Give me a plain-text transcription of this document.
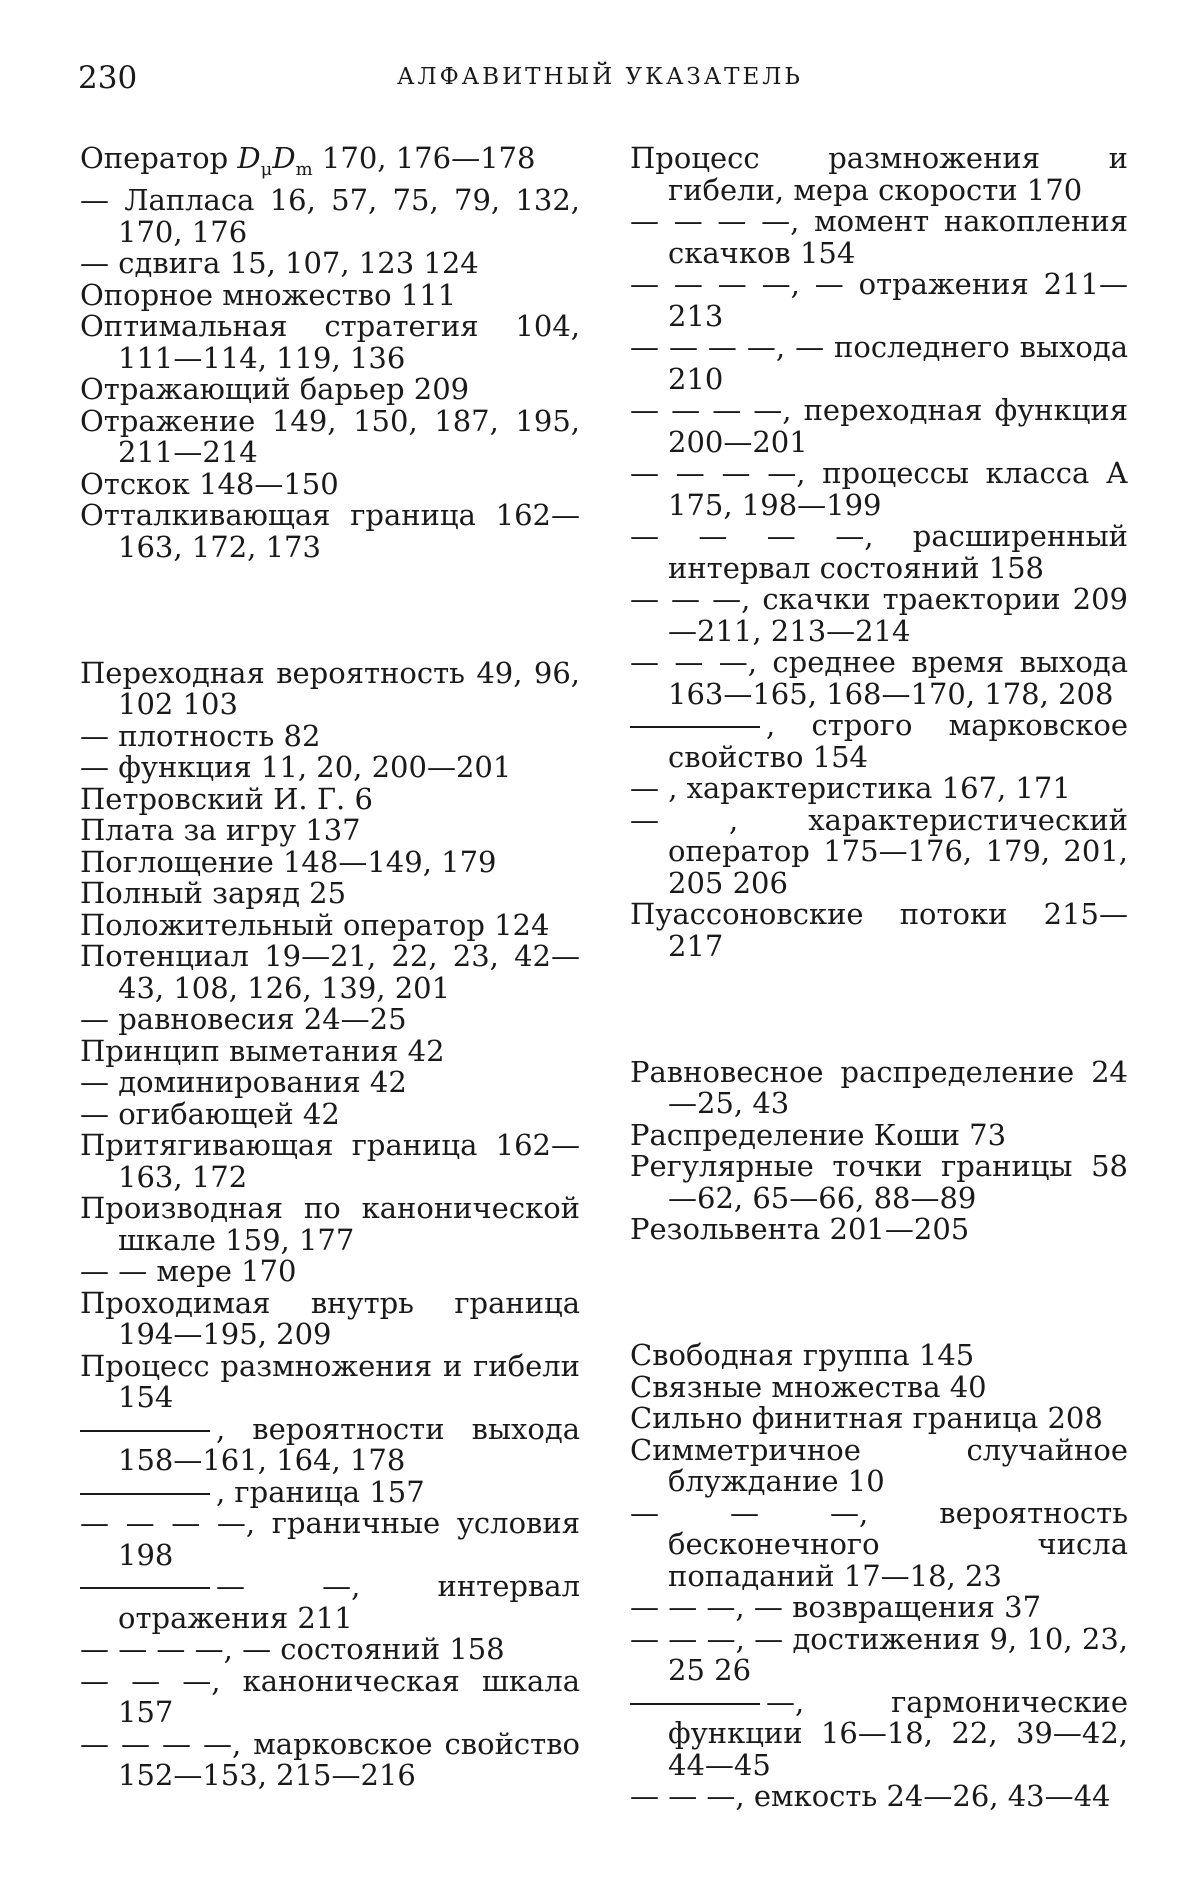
230	АЛФАВИТНЫЙ УКАЗАТЕЛЬ

Оператор $D_\mu D_m$ 170, 176—178

— Лапласа 16, 57, 75, 79, 132, 170, 176

— сдвига 15, 107, 123 124

Опорное множество 111

Оптимальная стратегия 104, 111—114, 119, 136

Отражающий барьер 209

Отражение 149, 150, 187, 195, 211—214

Отскок 148—150

Отталкивающая граница 162—163, 172, 173

Переходная вероятность 49, 96, 102 103

— плотность 82

— функция 11, 20, 200—201

Петровский И. Г. 6

Плата за игру 137

Поглощение 148—149, 179

Полный заряд 25

Положительный оператор 124

Потенциал 19—21, 22, 23, 42—43, 108, 126, 139, 201

— равновесия 24—25

Принцип выметания 42

— доминирования 42

— огибающей 42

Притягивающая граница 162—163, 172

Производная по канонической шкале 159, 177

— — мере 170

Проходимая внутрь граница 194—195, 209

Процесс размножения и гибели 154

, вероятности выхода 158—161, 164, 178

, граница 157

— — — —, граничные условия 198

— —, интервал отражения 211

— — — —, — состояний 158

— — —, каноническая шкала 157

— — — —, марковское свойство 152—153, 215—216

Процесс размножения и гибели, мера скорости 170

— — — —, момент накопления скачков 154

— — — —, — отражения 211—213

— — — —, — последнего выхода 210

— — — —, переходная функция 200—201

— — — —, процессы класса А 175, 198—199

— — — —, расширенный интервал состояний 158

— — —, скачки траектории 209—211, 213—214

— — —, среднее время выхода 163—165, 168—170, 178, 208

, строго марковское свойство 154

— , характеристика 167, 171

— , характеристический оператор 175—176, 179, 201, 205 206

Пуассоновские потоки 215—217

Равновесное распределение 24—25, 43

Распределение Коши 73

Регулярные точки границы 58—62, 65—66, 88—89

Резольвента 201—205

Свободная группа 145

Связные множества 40

Сильно финитная граница 208

Симметричное случайное блуждание 10

— — —, вероятность бесконечного числа попаданий 17—18, 23

— — —, — возвращения 37

— — —, — достижения 9, 10, 23, 25 26

—, гармонические функции 16—18, 22, 39—42, 44—45

— — —, емкость 24—26, 43—44
